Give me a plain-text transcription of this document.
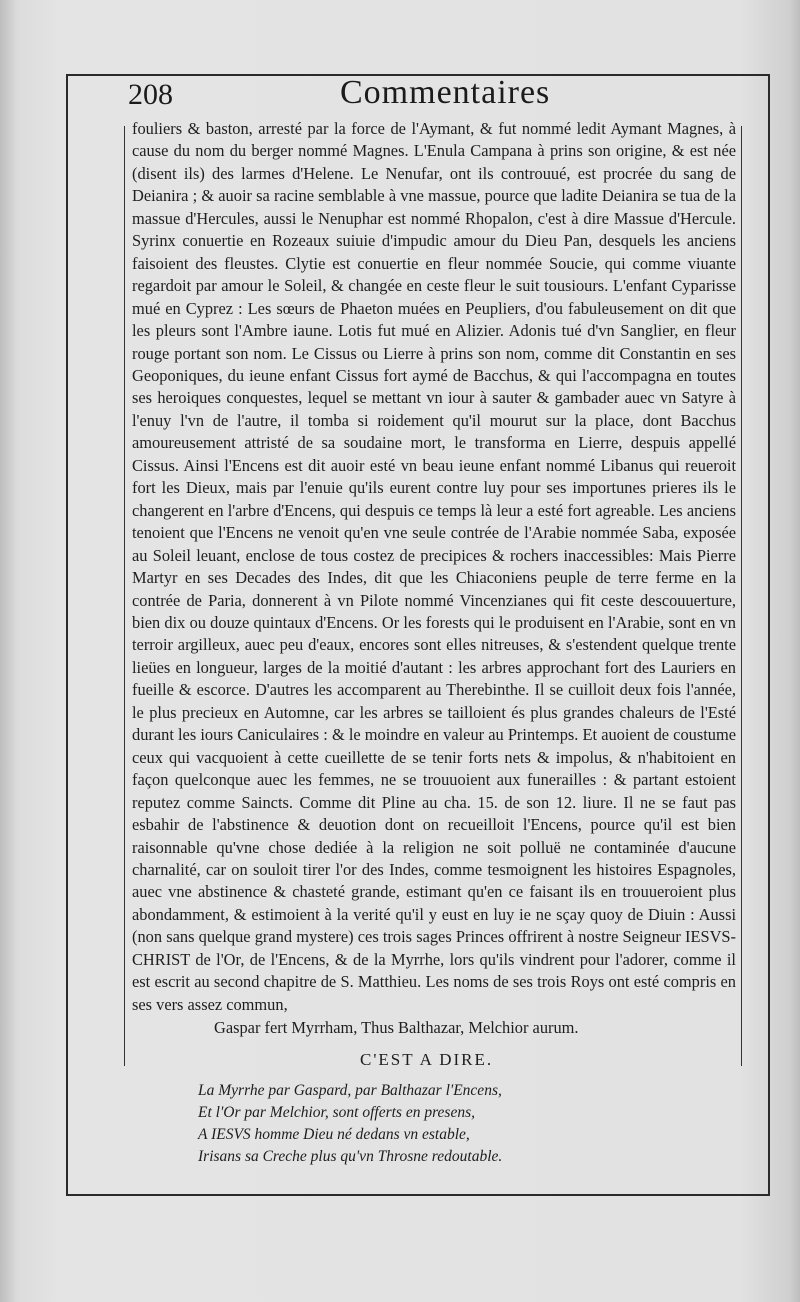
208	Commentaires

fouliers & baston, arresté par la force de l'Aymant, & fut nommé ledit Aymant Magnes, à cause du nom du berger nommé Magnes. L'Enula Campana à prins son origine, & est née (disent ils) des larmes d'Helene. Le Nenufar, ont ils controuué, est procrée du sang de Deianira ; & auoir sa racine semblable à vne massue, pource que ladite Deianira se tua de la massue d'Hercules, aussi le Nenuphar est nommé Rhopalon, c'est à dire Massue d'Hercule. Syrinx conuertie en Rozeaux suiuie d'impudic amour du Dieu Pan, desquels les anciens faisoient des fleustes. Clytie est conuertie en fleur nommée Soucie, qui comme viuante regardoit par amour le Soleil, & changée en ceste fleur le suit tousiours. L'enfant Cyparisse mué en Cyprez : Les sœurs de Phaeton muées en Peupliers, d'ou fabuleusement on dit que les pleurs sont l'Ambre iaune. Lotis fut mué en Alizier. Adonis tué d'vn Sanglier, en fleur rouge portant son nom. Le Cissus ou Lierre à prins son nom, comme dit Constantin en ses Geoponiques, du ieune enfant Cissus fort aymé de Bacchus, & qui l'accompagna en toutes ses heroiques conquestes, lequel se mettant vn iour à sauter & gambader auec vn Satyre à l'enuy l'vn de l'autre, il tomba si roidement qu'il mourut sur la place, dont Bacchus amoureusement attristé de sa soudaine mort, le transforma en Lierre, despuis appellé Cissus. Ainsi l'Encens est dit auoir esté vn beau ieune enfant nommé Libanus qui reueroit fort les Dieux, mais par l'enuie qu'ils eurent contre luy pour ses importunes prieres ils le changerent en l'arbre d'Encens, qui despuis ce temps là leur a esté fort agreable. Les anciens tenoient que l'Encens ne venoit qu'en vne seule contrée de l'Arabie nommée Saba, exposée au Soleil leuant, enclose de tous costez de precipices & rochers inaccessibles: Mais Pierre Martyr en ses Decades des Indes, dit que les Chiaconiens peuple de terre ferme en la contrée de Paria, donnerent à vn Pilote nommé Vincenzianes qui fit ceste descouuerture, bien dix ou douze quintaux d'Encens. Or les forests qui le produisent en l'Arabie, sont en vn terroir argilleux, auec peu d'eaux, encores sont elles nitreuses, & s'estendent quelque trente lieües en longueur, larges de la moitié d'autant : les arbres approchant fort des Lauriers en fueille & escorce. D'autres les accomparent au Therebinthe. Il se cuilloit deux fois l'année, le plus precieux en Automne, car les arbres se tailloient és plus grandes chaleurs de l'Esté durant les iours Caniculaires : & le moindre en valeur au Printemps. Et auoient de coustume ceux qui vacquoient à cette cueillette de se tenir forts nets & impolus, & n'habitoient en façon quelconque auec les femmes, ne se trouuoient aux funerailles : & partant estoient reputez comme Saincts. Comme dit Pline au cha. 15. de son 12. liure. Il ne se faut pas esbahir de l'abstinence & deuotion dont on recueilloit l'Encens, pource qu'il est bien raisonnable qu'vne chose dediée à la religion ne soit polluë ne contaminée d'aucune charnalité, car on souloit tirer l'or des Indes, comme tesmoignent les histoires Espagnoles, auec vne abstinence & chasteté grande, estimant qu'en ce faisant ils en trouueroient plus abondamment, & estimoient à la verité qu'il y eust en luy ie ne sçay quoy de Diuin : Aussi (non sans quelque grand mystere) ces trois sages Princes offrirent à nostre Seigneur IESVS-CHRIST de l'Or, de l'Encens, & de la Myrrhe, lors qu'ils vindrent pour l'adorer, comme il est escrit au second chapitre de S. Matthieu. Les noms de ses trois Roys ont esté compris en ses vers assez commun,

Gaspar fert Myrrham, Thus Balthazar, Melchior aurum.
C'EST A DIRE.
La Myrrhe par Gaspard, par Balthazar l'Encens,
Et l'Or par Melchior, sont offerts en presens,
A IESVS homme Dieu né dedans vn estable,
Irisans sa Creche plus qu'vn Throsne redoutable.
